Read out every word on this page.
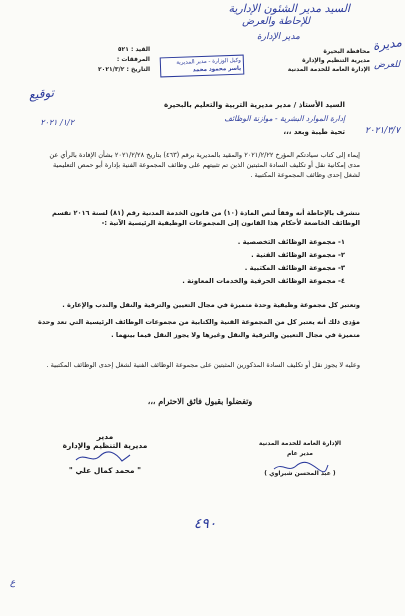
السيد مدير الشئون الإدارية
للإحاطة والعرض
مدير الإدارة	مديرة
للعرض
توقيع
١/٢/ ٢٠٢١
محافظة البحيرة
مديرية التنظيم والإدارة
الإدارة العامة للخدمة المدنية
القيد : ٥٢١
المرفقات :
التاريخ : ٢٠٢١/٣/٢
وكيل الوزارة - مدير المديرية
ياسر محمود محمد
السيد الأستاذ / مدير مديرية التربية والتعليم بالبحيرة
إدارة الموارد البشرية - موازنة الوظائف
تحية طيبة وبعد ،،،	٢٠٢١/٣/٧
إيماء إلى كتاب سيادتكم المؤرخ ٢٠٢١/٢/٢٢ والمقيد بالمديرية برقم (٤٦٣) بتاريخ ٢٠٢١/٢/٢٨ بشأن الإفادة بالرأي عن مدى إمكانية نقل أو تكليف السادة المثبتين الذين تم تثبيتهم على وظائف المجموعة الفنية بإدارة أبو حمص التعليمية لشغل إحدى وظائف المجموعة المكتبية .
نتشرف بالإحاطة أنه وفقاً لنص المادة (١٠) من قانون الخدمة المدنية رقم (٨١) لسنة ٢٠١٦ تقسم الوظائف الخاضعة لأحكام هذا القانون إلى المجموعات الوظيفية الرئيسية الآتية :-
١- مجموعة الوظائف التخصصية .
٢- مجموعة الوظائف الفنية .
٣- مجموعة الوظائف المكتبية .
٤- مجموعة الوظائف الحرفية والخدمات المعاونة .
وتعتبر كل مجموعة وظيفية وحدة متميزة في مجال التعيين والترقية والنقل والندب والإعارة .
مؤدى ذلك أنه يعتبر كل من المجموعة الفنية والكتابية من مجموعات الوظائف الرئيسية التي تعد وحدة متميزة في مجال التعيين والترقية والنقل وغيرها ولا يجوز النقل فيما بينهما .
وعليه لا يجوز نقل أو تكليف السادة المذكورين المثبتين على مجموعة الوظائف الفنية لشغل إحدى الوظائف المكتبية .
وتفضلوا بقبول فائق الاحترام ،،،
الإدارة العامة للخدمة المدنية
مدير عام
( عبد المحسن شبراوي )
مدير
مديرية التنظيم والإدارة
" محمد كمال علي "
٤٩٠
ع
